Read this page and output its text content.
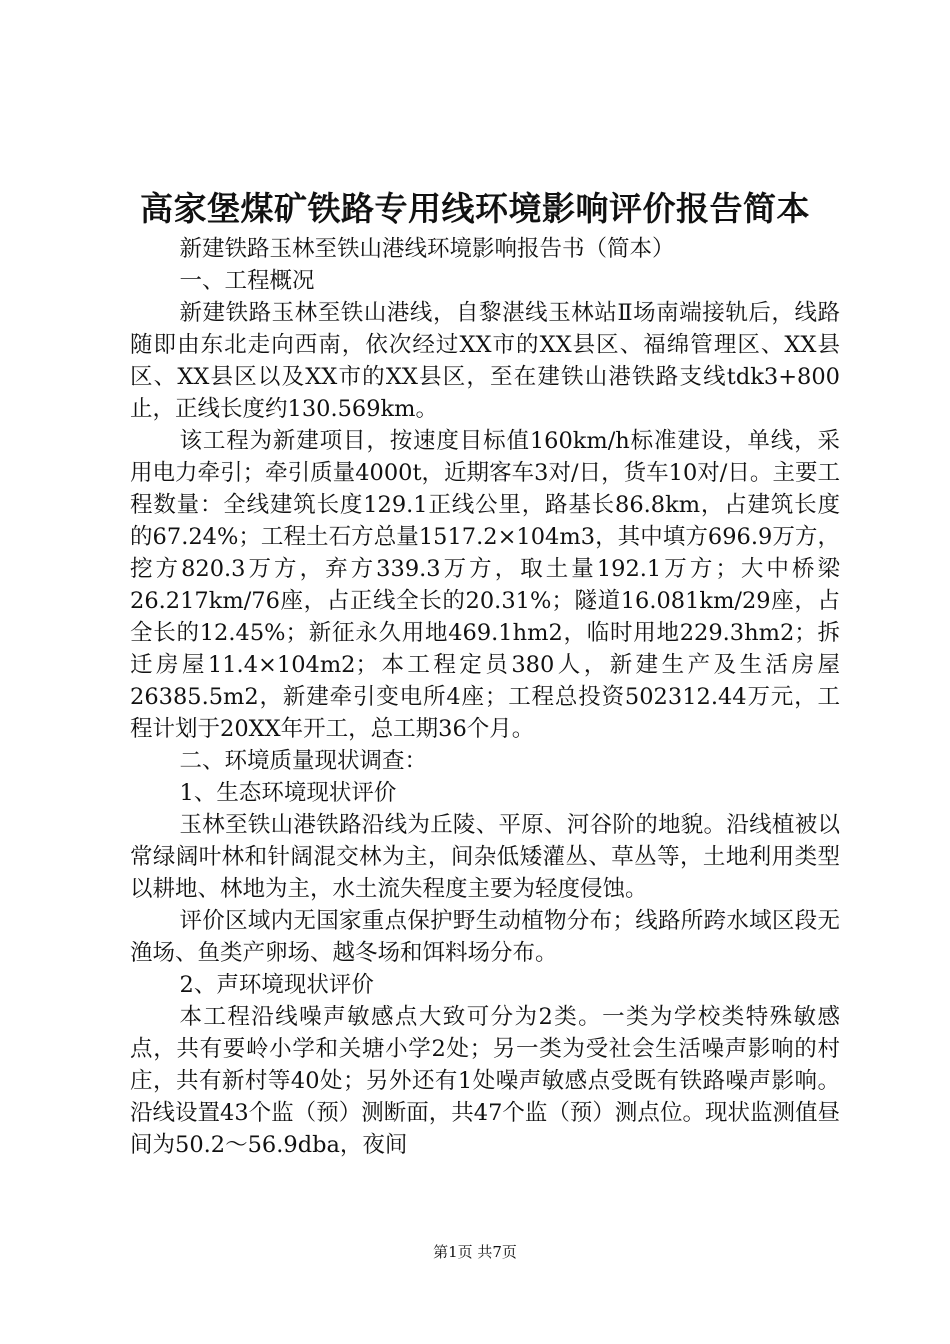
高家堡煤矿铁路专用线环境影响评价报告简本

新建铁路玉林至铁山港线环境影响报告书（简本）

一、工程概况

新建铁路玉林至铁山港线，自黎湛线玉林站Ⅱ场南端接轨后，线路随即由东北走向西南，依次经过XX市的XX县区、福绵管理区、XX县区、XX县区以及XX市的XX县区，至在建铁山港铁路支线tdk3+800止，正线长度约130.569km。

该工程为新建项目，按速度目标值160km/h标准建设，单线，采用电力牵引；牵引质量4000t，近期客车3对/日，货车10对/日。主要工程数量：全线建筑长度129.1正线公里，路基长86.8km，占建筑长度的67.24%；工程土石方总量1517.2×104m3，其中填方696.9万方，挖方820.3万方，弃方339.3万方，取土量192.1万方；大中桥梁26.217km/76座，占正线全长的20.31%；隧道16.081km/29座，占全长的12.45%；新征永久用地469.1hm2，临时用地229.3hm2；拆迁房屋11.4×104m2；本工程定员380人，新建生产及生活房屋26385.5m2，新建牵引变电所4座；工程总投资502312.44万元，工程计划于20XX年开工，总工期36个月。

二、环境质量现状调查：

1、生态环境现状评价

玉林至铁山港铁路沿线为丘陵、平原、河谷阶的地貌。沿线植被以常绿阔叶林和针阔混交林为主，间杂低矮灌丛、草丛等，土地利用类型以耕地、林地为主，水土流失程度主要为轻度侵蚀。

评价区域内无国家重点保护野生动植物分布；线路所跨水域区段无渔场、鱼类产卵场、越冬场和饵料场分布。

2、声环境现状评价

本工程沿线噪声敏感点大致可分为2类。一类为学校类特殊敏感点，共有要岭小学和关塘小学2处；另一类为受社会生活噪声影响的村庄，共有新村等40处；另外还有1处噪声敏感点受既有铁路噪声影响。沿线设置43个监（预）测断面，共47个监（预）测点位。现状监测值昼间为50.2～56.9dba，夜间

第1页 共7页
